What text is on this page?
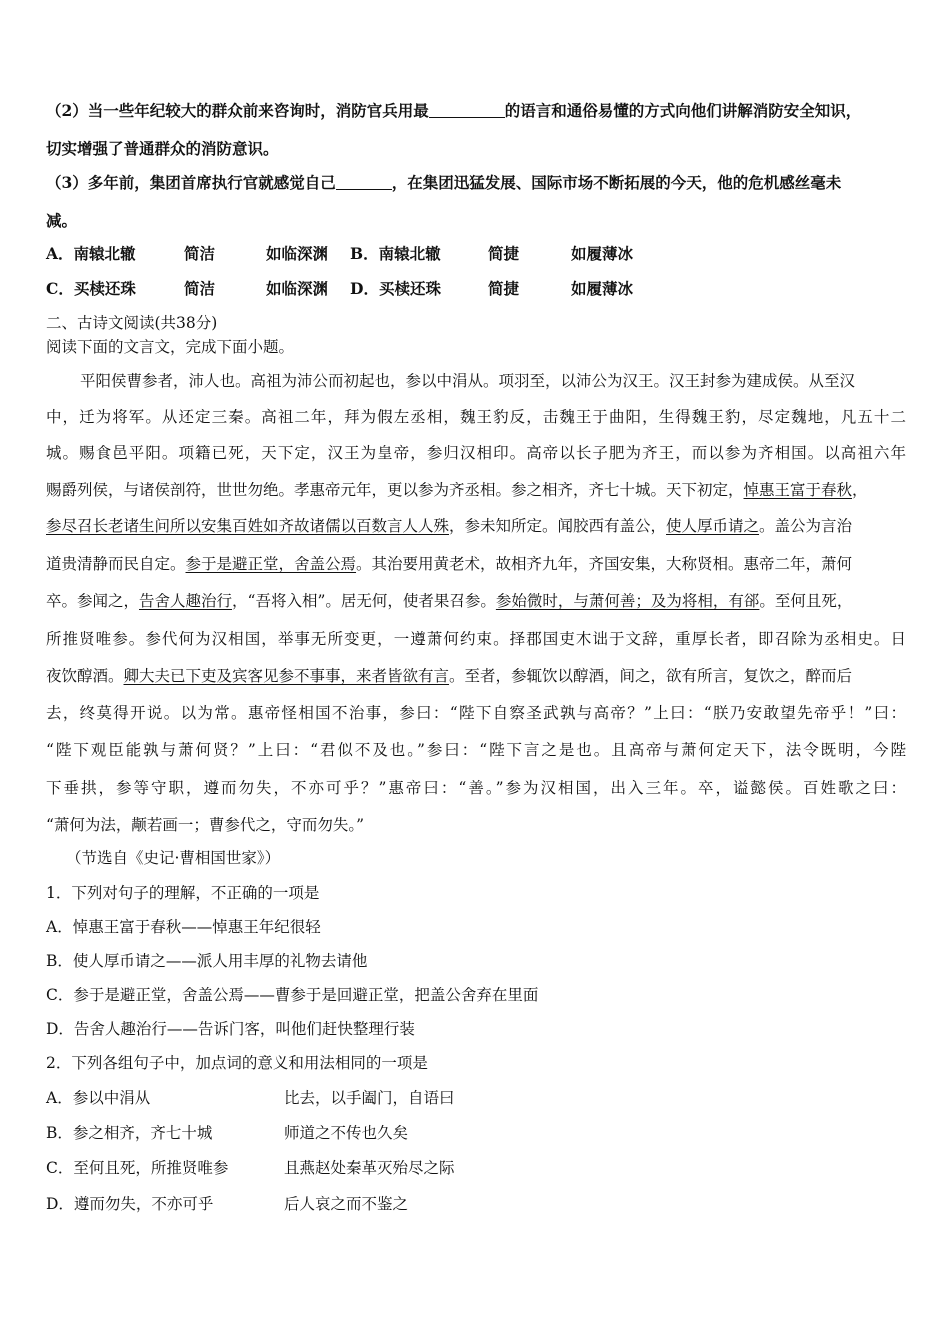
（2）当一些年纪较大的群众前来咨询时，消防官兵用最	的语言和通俗易懂的方式向他们讲解消防安全知识，
切实增强了普通群众的消防意识。
（3）多年前，集团首席执行官就感觉自己	，在集团迅猛发展、国际市场不断拓展的今天，他的危机感丝毫未
减。
A．南辕北辙	简洁	如临深渊 B．南辕北辙	简捷	如履薄冰
C．买椟还珠	简洁	如临深渊 D．买椟还珠	简捷	如履薄冰
二、古诗文阅读(共38分)
阅读下面的文言文，完成下面小题。
平阳侯曹参者，沛人也。高祖为沛公而初起也，参以中涓从。项羽至，以沛公为汉王。汉王封参为建成侯。从至汉
中，迁为将军。从还定三秦。高祖二年，拜为假左丞相，魏王豹反，击魏王于曲阳，生得魏王豹，尽定魏地，凡五十二
城。赐食邑平阳。项籍已死，天下定，汉王为皇帝，参归汉相印。高帝以长子肥为齐王，而以参为齐相国。以高祖六年
赐爵列侯，与诸侯剖符，世世勿绝。孝惠帝元年，更以参为齐丞相。参之相齐，齐七十城。天下初定，悼惠王富于春秋，
参尽召长老诸生问所以安集百姓如齐故诸儒以百数言人人殊，参未知所定。闻胶西有盖公，使人厚币请之。盖公为言治
道贵清静而民自定。参于是避正堂，舍盖公焉。其治要用黄老术，故相齐九年，齐国安集，大称贤相。惠帝二年，萧何
卒。参闻之，告舍人趣治行，“吾将入相”。居无何，使者果召参。参始微时，与萧何善；及为将相，有郤。至何且死，
所推贤唯参。参代何为汉相国，举事无所变更，一遵萧何约束。择郡国吏木诎于文辞，重厚长者，即召除为丞相史。日
夜饮醇酒。卿大夫已下吏及宾客见参不事事，来者皆欲有言。至者，参辄饮以醇酒，间之，欲有所言，复饮之，醉而后
去，终莫得开说。以为常。惠帝怪相国不治事，参曰：“陛下自察圣武孰与高帝？”上曰：“朕乃安敢望先帝乎！”曰：
“陛下观臣能孰与萧何贤？”上曰：“君似不及也。”参曰：“陛下言之是也。且高帝与萧何定天下，法令既明，今陛
下垂拱，参等守职，遵而勿失，不亦可乎？”惠帝曰：“善。”参为汉相国，出入三年。卒，谥懿侯。百姓歌之曰：
“萧何为法，颟若画一；曹参代之，守而勿失。”
（节选自《史记·曹相国世家》）
1．下列对句子的理解，不正确的一项是
A．悼惠王富于春秋——悼惠王年纪很轻
B．使人厚币请之——派人用丰厚的礼物去请他
C．参于是避正堂，舍盖公焉——曹参于是回避正堂，把盖公舍弃在里面
D．告舍人趣治行——告诉门客，叫他们赶快整理行装
2．下列各组句子中，加点词的意义和用法相同的一项是
A．参以中涓从	比去，以手阖门，自语曰
B．参之相齐，齐七十城	师道之不传也久矣
C．至何且死，所推贤唯参	且燕赵处秦革灭殆尽之际
D．遵而勿失，不亦可乎	后人哀之而不鉴之
